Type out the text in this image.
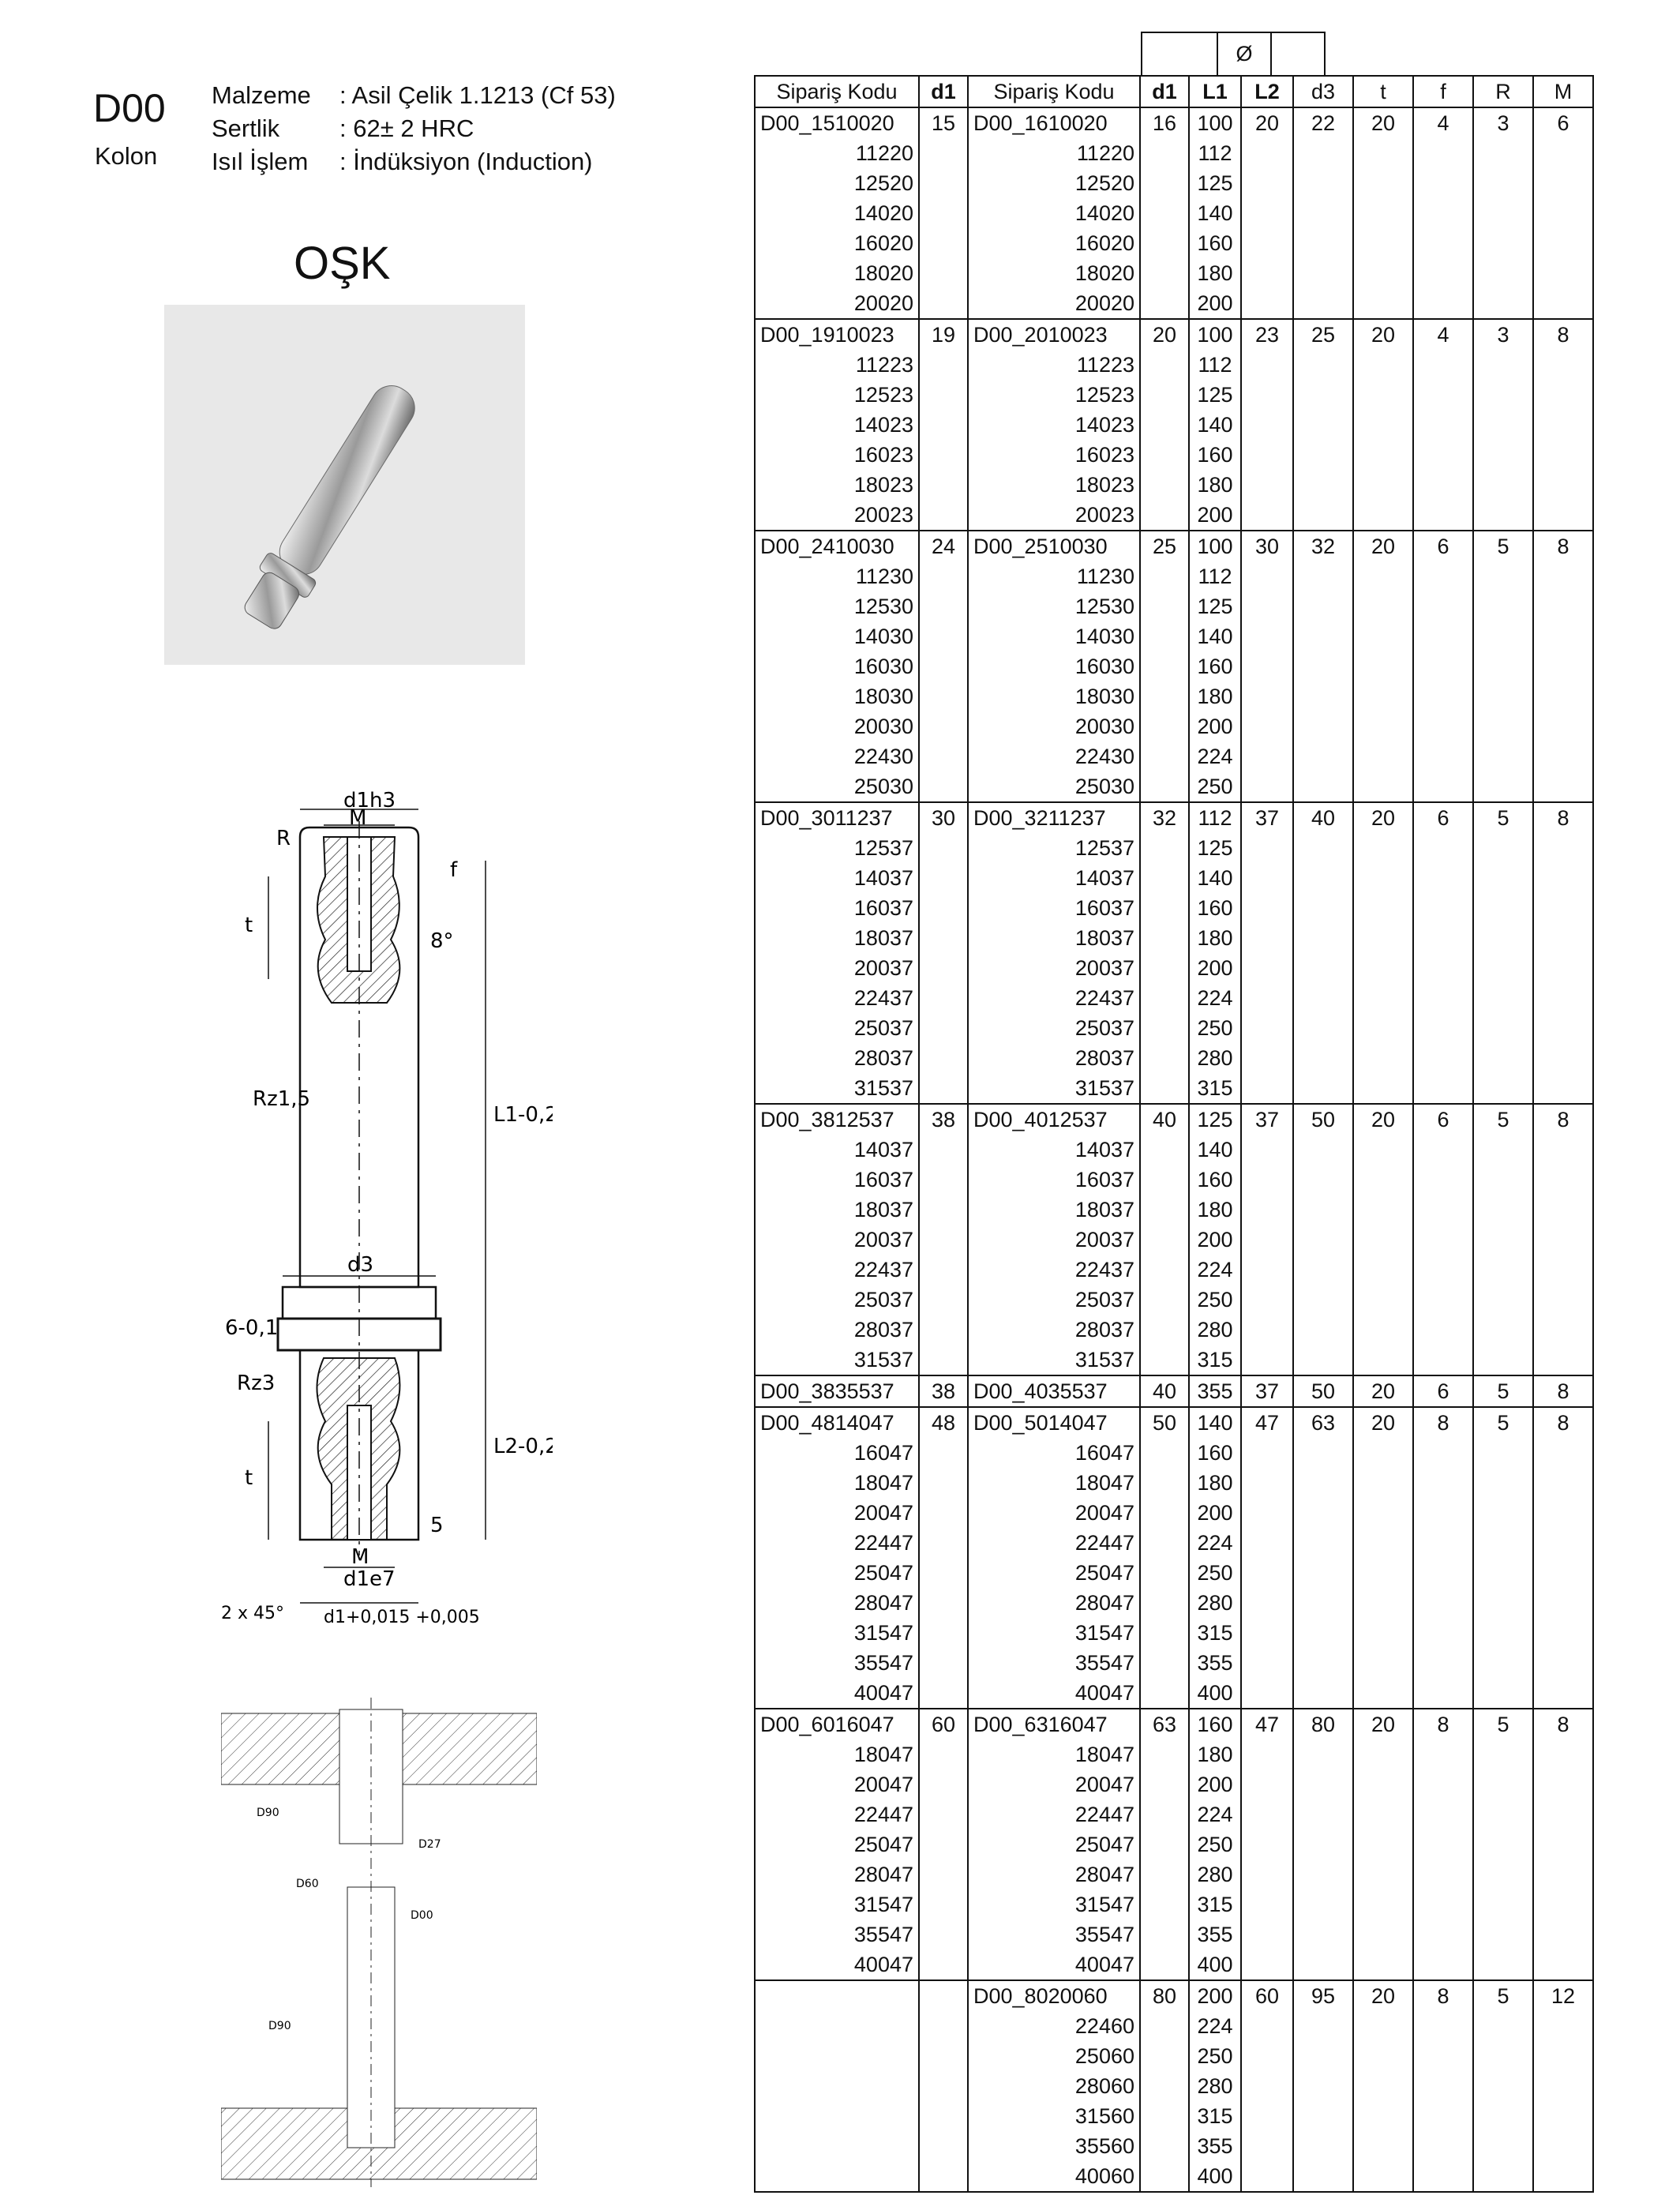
D00
Kolon
Malzeme	: Asil Çelik 1.1213 (Cf 53)
Sertlik	: 62± 2 HRC
Isıl İşlem	: İndüksiyon (Induction)
OŞK
d1h3
M
R
f
t
8°
Rz1,5
L1-0,2
d3
6-0,1
Rz3
L2-0,2
t
5
M
d1e7
d1+0,015 +0,005
2 x 45°
D90
D27
D60
D00
D90
Ø
Sipariş Kodu	d1	Sipariş Kodu	d1	L1	L2	d3	t	f	R	M
D00_1510020	15	D00_1610020	16	100	20	22	20	4	3	6
11220		11220		112						
12520		12520		125						
14020		14020		140						
16020		16020		160						
18020		18020		180						
20020		20020		200						
D00_1910023	19	D00_2010023	20	100	23	25	20	4	3	8
11223		11223		112						
12523		12523		125						
14023		14023		140						
16023		16023		160						
18023		18023		180						
20023		20023		200						
D00_2410030	24	D00_2510030	25	100	30	32	20	6	5	8
11230		11230		112						
12530		12530		125						
14030		14030		140						
16030		16030		160						
18030		18030		180						
20030		20030		200						
22430		22430		224						
25030		25030		250						
D00_3011237	30	D00_3211237	32	112	37	40	20	6	5	8
12537		12537		125						
14037		14037		140						
16037		16037		160						
18037		18037		180						
20037		20037		200						
22437		22437		224						
25037		25037		250						
28037		28037		280						
31537		31537		315						
D00_3812537	38	D00_4012537	40	125	37	50	20	6	5	8
14037		14037		140						
16037		16037		160						
18037		18037		180						
20037		20037		200						
22437		22437		224						
25037		25037		250						
28037		28037		280						
31537		31537		315						
D00_3835537	38	D00_4035537	40	355	37	50	20	6	5	8
D00_4814047	48	D00_5014047	50	140	47	63	20	8	5	8
16047		16047		160						
18047		18047		180						
20047		20047		200						
22447		22447		224						
25047		25047		250						
28047		28047		280						
31547		31547		315						
35547		35547		355						
40047		40047		400						
D00_6016047	60	D00_6316047	63	160	47	80	20	8	5	8
18047		18047		180						
20047		20047		200						
22447		22447		224						
25047		25047		250						
28047		28047		280						
31547		31547		315						
35547		35547		355						
40047		40047		400						
		D00_8020060	80	200	60	95	20	8	5	12
		22460		224						
		25060		250						
		28060		280						
		31560		315						
		35560		355						
		40060		400						
